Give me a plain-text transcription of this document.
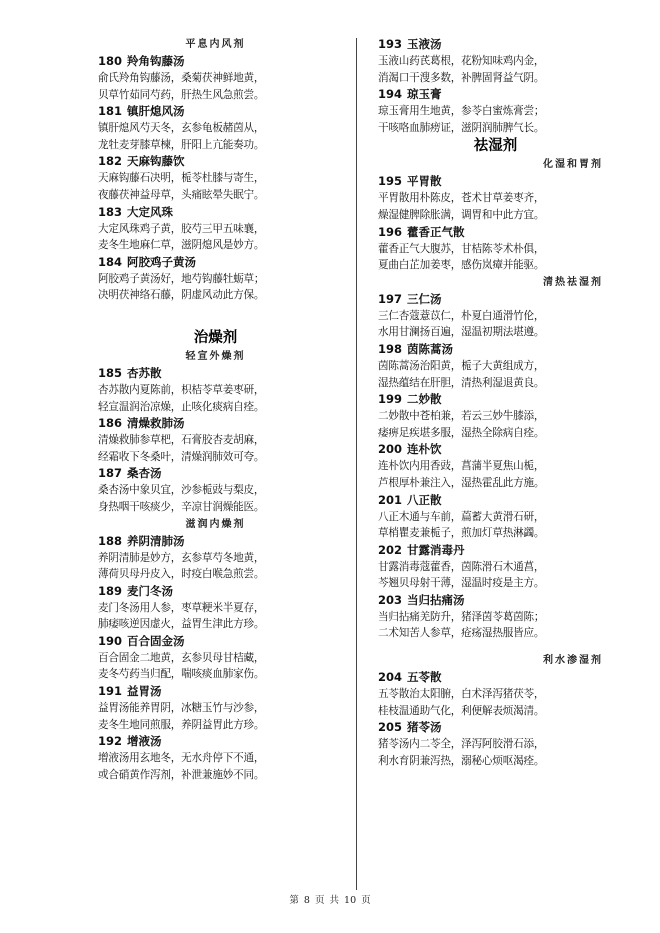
平息内风剂
180 羚角钩藤汤
俞氏羚角钩藤汤，桑菊茯神鲜地黄，
贝草竹茹同芍药，肝热生风急煎尝。
181 镇肝熄风汤
镇肝熄风芍天冬，玄参龟板赭茵从，
龙牡麦芽膝草楝，肝阳上亢能奏功。
182 天麻钩藤饮
天麻钩藤石决明，栀苓杜膝与寄生，
夜藤茯神益母草，头痛眩晕失眠宁。
183 大定风珠
大定风珠鸡子黄，胶芍三甲五味襄，
麦冬生地麻仁草，滋阴熄风是妙方。
184 阿胶鸡子黄汤
阿胶鸡子黄汤好，地芍钩藤牡蛎草；
决明茯神络石藤，阴虚风动此方保。
治燥剂
轻宣外燥剂
185 杏苏散
杏苏散内夏陈前，枳桔苓草姜枣研，
轻宣温润治凉燥，止咳化痰病自痊。
186 清燥救肺汤
清燥救肺参草杷，石膏胶杏麦胡麻，
经霜收下冬桑叶，清燥润肺效可夸。
187 桑杏汤
桑杏汤中象贝宜，沙参栀豉与梨皮，
身热咽干咳痰少，辛凉甘润燥能医。
滋润内燥剂
188 养阴清肺汤
养阴清肺是妙方，玄参草芍冬地黄，
薄荷贝母丹皮入，时疫白喉急煎尝。
189 麦门冬汤
麦门冬汤用人参，枣草粳米半夏存，
肺痿咳逆因虚火，益胃生津此方珍。
190 百合固金汤
百合固金二地黄，玄参贝母甘桔藏，
麦冬芍药当归配，喘咳痰血肺家伤。
191 益胃汤
益胃汤能养胃阴，冰糖玉竹与沙参，
麦冬生地同煎服，养阴益胃此方珍。
192 增液汤
增液汤用玄地冬，无水舟停下不通，
或合硝黄作泻剂，补泄兼施妙不同。
193 玉液汤
玉液山药芪葛根，花粉知味鸡内金，
消渴口干溲多数，补脾固肾益气阴。
194 琼玉膏
琼玉膏用生地黄，参苓白蜜炼膏尝；
干咳咯血肺痨证，滋阴润肺脾气长。
祛湿剂
化湿和胃剂
195 平胃散
平胃散用朴陈皮，苍术甘草姜枣齐，
燥湿健脾除胀满，调胃和中此方宜。
196 藿香正气散
藿香正气大腹苏，甘桔陈苓术朴俱，
夏曲白芷加姜枣，感伤岚瘴并能驱。
清热祛湿剂
197 三仁汤
三仁杏蔻薏苡仁，朴夏白通滑竹伦，
水用甘澜扬百遍，湿温初期法堪遵。
198 茵陈蒿汤
茵陈蒿汤治阳黄，栀子大黄组成方，
湿热蕴结在肝胆，清热利湿退黄良。
199 二妙散
二妙散中苍柏兼，若云三妙牛膝添，
痿痹足疾堪多服，湿热全除病自痊。
200 连朴饮
连朴饮内用香豉，菖蒲半夏焦山栀，
芦根厚朴兼注入，湿热霍乱此方施。
201 八正散
八正木通与车前，萹蓄大黄滑石研，
草梢瞿麦兼栀子，煎加灯草热淋蠲。
202 甘露消毒丹
甘露消毒蔻藿香，茵陈滑石木通菖，
芩翘贝母射干薄，湿温时疫是主方。
203 当归拈痛汤
当归拈痛羌防升，猪泽茵苓葛茵陈；
二术知苦人参草，疮疡湿热服皆应。
利水渗湿剂
204 五苓散
五苓散治太阳腑，白术泽泻猪茯苓，
桂枝温通助气化，利便解表烦渴清。
205 猪苓汤
猪苓汤内二苓全，泽泻阿胶滑石添，
利水育阴兼泻热，溺秘心烦呕渴痊。
第 8 页 共 10 页
